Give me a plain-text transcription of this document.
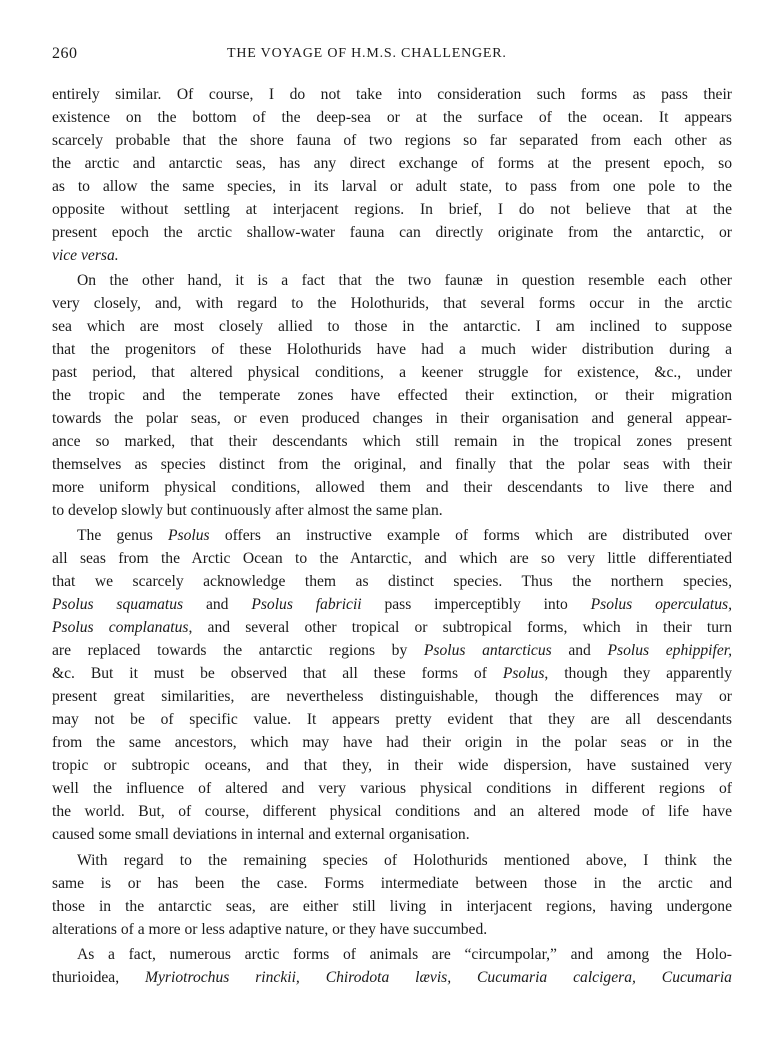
260	THE VOYAGE OF H.M.S. CHALLENGER.
entirely similar. Of course, I do not take into consideration such forms as pass their
existence on the bottom of the deep-sea or at the surface of the ocean. It appears
scarcely probable that the shore fauna of two regions so far separated from each other as
the arctic and antarctic seas, has any direct exchange of forms at the present epoch, so
as to allow the same species, in its larval or adult state, to pass from one pole to the
opposite without settling at interjacent regions. In brief, I do not believe that at the
present epoch the arctic shallow-water fauna can directly originate from the antarctic, or
vice versa.
On the other hand, it is a fact that the two faunæ in question resemble each other
very closely, and, with regard to the Holothurids, that several forms occur in the arctic
sea which are most closely allied to those in the antarctic. I am inclined to suppose
that the progenitors of these Holothurids have had a much wider distribution during a
past period, that altered physical conditions, a keener struggle for existence, &c., under
the tropic and the temperate zones have effected their extinction, or their migration
towards the polar seas, or even produced changes in their organisation and general appear-
ance so marked, that their descendants which still remain in the tropical zones present
themselves as species distinct from the original, and finally that the polar seas with their
more uniform physical conditions, allowed them and their descendants to live there and
to develop slowly but continuously after almost the same plan.
The genus Psolus offers an instructive example of forms which are distributed over
all seas from the Arctic Ocean to the Antarctic, and which are so very little differentiated
that we scarcely acknowledge them as distinct species. Thus the northern species,
Psolus squamatus and Psolus fabricii pass imperceptibly into Psolus operculatus,
Psolus complanatus, and several other tropical or subtropical forms, which in their turn
are replaced towards the antarctic regions by Psolus antarcticus and Psolus ephippifer,
&c. But it must be observed that all these forms of Psolus, though they apparently
present great similarities, are nevertheless distinguishable, though the differences may or
may not be of specific value. It appears pretty evident that they are all descendants
from the same ancestors, which may have had their origin in the polar seas or in the
tropic or subtropic oceans, and that they, in their wide dispersion, have sustained very
well the influence of altered and very various physical conditions in different regions of
the world. But, of course, different physical conditions and an altered mode of life have
caused some small deviations in internal and external organisation.
With regard to the remaining species of Holothurids mentioned above, I think the
same is or has been the case. Forms intermediate between those in the arctic and
those in the antarctic seas, are either still living in interjacent regions, having undergone
alterations of a more or less adaptive nature, or they have succumbed.
As a fact, numerous arctic forms of animals are “circumpolar,” and among the Holo-
thurioidea, Myriotrochus rinckii, Chirodota lævis, Cucumaria calcigera, Cucumaria
